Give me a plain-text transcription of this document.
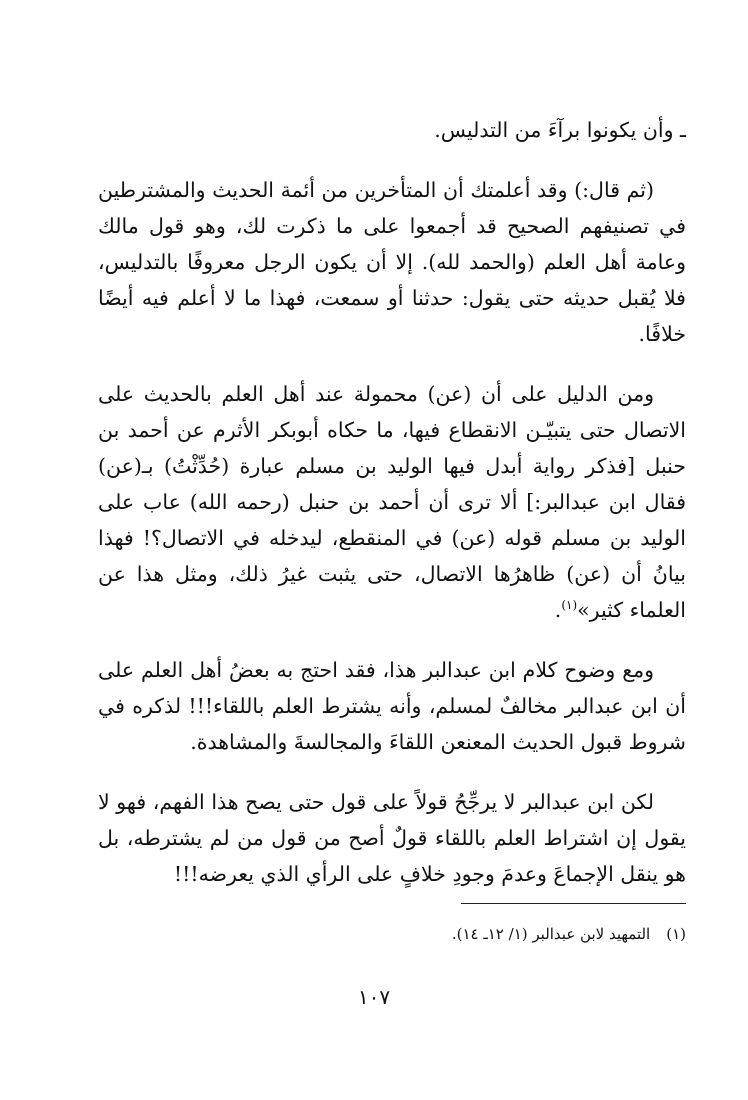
ـ وأن يكونوا برآءَ من التدليس.

(ثم قال:) وقد أعلمتك أن المتأخرين من أئمة الحديث والمشترطين في تصنيفهم الصحيح قد أجمعوا على ما ذكرت لك، وهو قول مالك وعامة أهل العلم (والحمد لله). إلا أن يكون الرجل معروفًا بالتدليس، فلا يُقبل حديثه حتى يقول: حدثنا أو سمعت، فهذا ما لا أعلم فيه أيضًا خلافًا.

ومن الدليل على أن (عن) محمولة عند أهل العلم بالحديث على الاتصال حتى يتبيّـن الانقطاع فيها، ما حكاه أبوبكر الأثرم عن أحمد بن حنبل [فذكر رواية أبدل فيها الوليد بن مسلم عبارة (حُدِّثْتُ) بـ(عن) فقال ابن عبدالبر:] ألا ترى أن أحمد بن حنبل (رحمه الله) عاب على الوليد بن مسلم قوله (عن) في المنقطع، ليدخله في الاتصال؟! فهذا بيانُ أن (عن) ظاهرُها الاتصال، حتى يثبت غيرُ ذلك، ومثل هذا عن العلماء كثير»$^{(١)}$.

ومع وضوح كلام ابن عبدالبر هذا، فقد احتج به بعضُ أهل العلم على أن ابن عبدالبر مخالفٌ لمسلم، وأنه يشترط العلم باللقاء!!! لذكره في شروط قبول الحديث المعنعن اللقاءَ والمجالسةَ والمشاهدة.

لكن ابن عبدالبر لا يرجِّحُ قولاً على قول حتى يصح هذا الفهم، فهو لا يقول إن اشتراط العلم باللقاء قولٌ أصح من قول من لم يشترطه، بل هو ينقل الإجماعَ وعدمَ وجودِ خلافٍ على الرأي الذي يعرضه!!!

(١)التمهيد لابن عبدالبر (١/ ١٢ـ ١٤).
١٠٧
